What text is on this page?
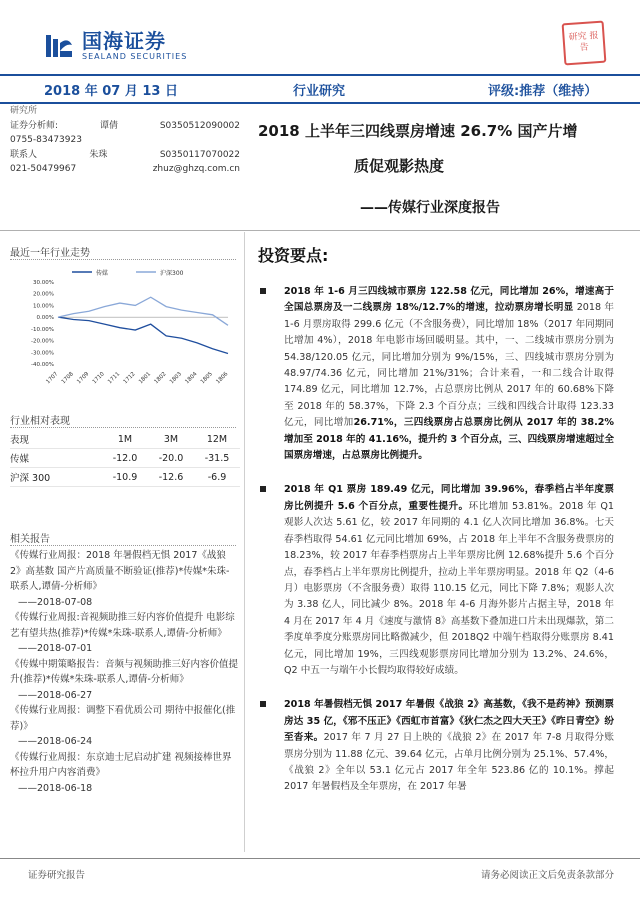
国海证券
SEALAND SECURITIES
研究 报告
2018 年 07 月 13 日	行业研究	评级:推荐（维持）
研究所
证券分析师:	谭倩	S0350512090002
0755-83473923
联系人	朱珠	S0350117070022
021-50479967	zhuz@ghzq.com.cn
2018 上半年三四线票房增速 26.7% 国产片增
质促观影热度
——传媒行业深度报告
最近一年行业走势
传媒	沪深300
30.00%
20.00%
10.00%
0.00%
-10.00%
-20.00%
-30.00%
-40.00%
1707 1708 1709 1710 1711 1712 1801 1802 1803 1804 1805 1806
行业相对表现
表现	1M	3M	12M
传媒	-12.0	-20.0	-31.5
沪深 300	-10.9	-12.6	-6.9
相关报告

《传媒行业周报：2018 年暑假档无惧 2017《战狼 2》高基数 国产片高质量不断验证(推荐)*传媒*朱珠-联系人,谭倩-分析师》

——2018-07-08

《传媒行业周报:音视频助推三好内容价值提升 电影综艺有望共热(推荐)*传媒*朱珠-联系人,谭倩-分析师》

——2018-07-01

《传媒中期策略报告：音频与视频助推三好内容价值提升(推荐)*传媒*朱珠-联系人,谭倩-分析师》

——2018-06-27

《传媒行业周报：调整下看优质公司 期待中报催化(推荐)》

——2018-06-24

《传媒行业周报：东京迪士尼启动扩建 视频接棒世界杯拉升用户内容消费》

——2018-06-18

投资要点:

2018 年 1-6 月三四线城市票房 122.58 亿元，同比增加 26%，增速高于全国总票房及一二线票房 18%/12.7%的增速，拉动票房增长明显 2018 年 1-6 月票房取得 299.6 亿元（不含服务费），同比增加 18%（2017 年同期同比增加 4%），2018 年电影市场回暖明显。其中，一、二线城市票房分别为 54.38/120.05 亿元，同比增加分别为 9%/15%，三、四线城市票房分别为 48.97/74.36 亿元，同比增加 21%/31%；合计来看，一和二线合计取得 174.89 亿元，同比增加 12.7%，占总票房比例从 2017 年的 60.68%下降至 2018 年的 58.37%，下降 2.3 个百分点；三线和四线合计取得 123.33 亿元，同比增加26.71%，三四线票房占总票房比例从 2017 年的 38.2%增加至 2018 年的 41.16%，提升约 3 个百分点，三、四线票房增速超过全国票房增速，占总票房比例提升。

2018 年 Q1 票房 189.49 亿元，同比增加 39.96%，春季档占半年度票房比例提升 5.6 个百分点，重要性提升。环比增加 53.81%。2018 年 Q1 观影人次达 5.61 亿，较 2017 年同期的 4.1 亿人次同比增加 36.8%。七天春季档取得 54.61 亿元同比增加 69%，占 2018 年上半年不含服务费票房的 18.23%，较 2017 年春季档票房占上半年票房比例 12.68%提升 5.6 个百分点，春季档占上半年票房比例提升，拉动上半年票房明显。2018 年 Q2（4-6 月）电影票房（不含服务费）取得 110.15 亿元，同比下降 7.8%；观影人次为 3.38 亿人，同比减少 8%。2018 年 4-6 月海外影片占据主导，2018 年 4 月在 2017 年 4 月《速度与激情 8》高基数下叠加进口片未出现爆款，第二季度单季度分账票房同比略微减少，但 2018Q2 中端午档取得分账票房 8.41 亿元，同比增加 19%，三四线观影票房同比增加分别为 13.2%、24.6%，Q2 中五一与端午小长假均取得较好成绩。

2018 年暑假档无惧 2017 年暑假《战狼 2》高基数，《我不是药神》预测票房达 35 亿，《邪不压正》《西虹市首富》《狄仁杰之四大天王》《昨日青空》纷至沓来。2017 年 7 月 27 日上映的《战狼 2》在 2017 年 7-8 月取得分账票房分别为 11.88 亿元、39.64 亿元，占单月比例分别为 25.1%、57.4%，《战狼 2》全年以 53.1 亿元占 2017 年全年 523.86 亿的 10.1%。撑起 2017 年暑假档及全年票房，在 2017 年暑

证券研究报告	请务必阅读正文后免责条款部分
